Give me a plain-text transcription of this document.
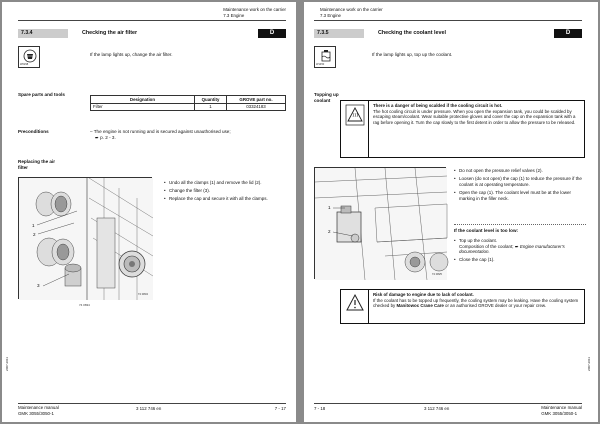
Maintenance work on the carrier
7.3 Engine
7.3.4	Checking the air filter	D
W0298
If the lamp lights up, change the air filter.
Spare parts and tools
Designation	Quantity	GROVE part no.
Filter	1	03324183
Preconditions	– The engine is not running and is secured against unauthorised use;
➨ p. 2 - 3.
Replacing the air filter
74 0834
1
2
3
74 0834
• Undo all the clamps (1) and remove the lid (2).
• Change the filter (3).
• Replace the cap and secure it with all the clamps.
2007.2011
Maintenance manual
GMK 3055/3050-1
3 112 746 en	7 - 17
Maintenance work on the carrier
7.3 Engine
7.3.5	Checking the coolant level	D
W1450
If the lamp lights up, top up the coolant.
Topping up coolant
There is a danger of being scalded if the cooling circuit is hot.
The hot cooling circuit is under pressure. When you open the expansion tank, you could be scalded by escaping steam/coolant. Wear suitable protective gloves and cover the cap on the expansion tank with a rag before opening it. Turn the cap slowly to the first detent in order to allow the pressure to be released.
1
2
74 0825
• Do not open the pressure relief valves (2).
• Loosen (do not open) the cap (1) to reduce the pressure if the coolant is at operating temperature.
• Open the cap (1). The coolant level must be at the lower marking in the filler neck.
If the coolant level is too low:
• Top up the coolant.
Composition of the coolant; ➨ Engine manufacturer's documentation.
• Close the cap (1).
Risk of damage to engine due to lack of coolant.
If the coolant has to be topped up frequently, the cooling system may be leaking. Have the cooling system checked by Manitowoc Crane Care or an authorised GROVE dealer or your repair crew.
2007.2011
7 - 18	3 112 746 en	Maintenance manual
GMK 3055/3050-1
